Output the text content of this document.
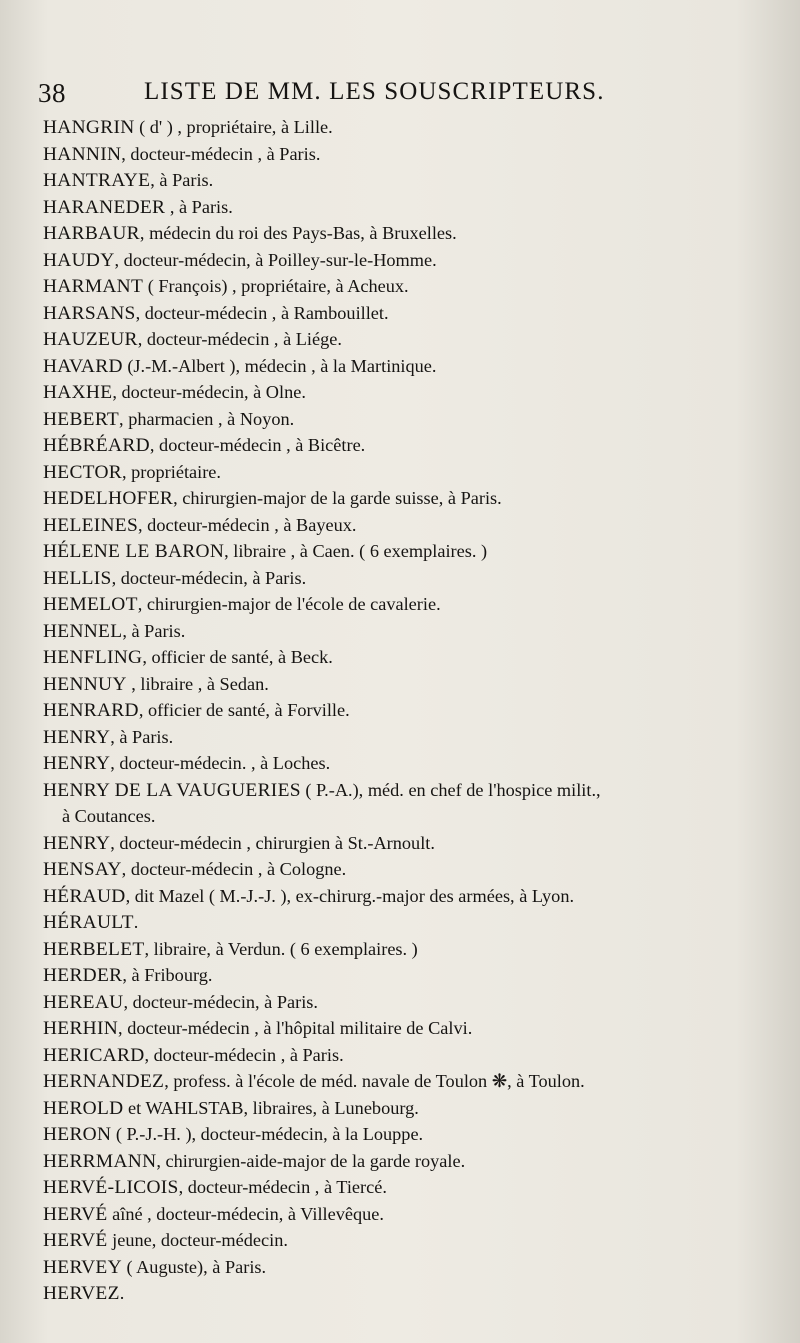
38	LISTE DE MM. LES SOUSCRIPTEURS.
HANGRIN ( d' ) , propriétaire, à Lille.
HANNIN, docteur-médecin , à Paris.
HANTRAYE, à Paris.
HARANEDER , à Paris.
HARBAUR, médecin du roi des Pays-Bas, à Bruxelles.
HAUDY, docteur-médecin, à Poilley-sur-le-Homme.
HARMANT ( François) , propriétaire, à Acheux.
HARSANS, docteur-médecin , à Rambouillet.
HAUZEUR, docteur-médecin , à Liége.
HAVARD (J.-M.-Albert ), médecin , à la Martinique.
HAXHE, docteur-médecin, à Olne.
HEBERT, pharmacien , à Noyon.
HÉBRÉARD, docteur-médecin , à Bicêtre.
HECTOR, propriétaire.
HEDELHOFER, chirurgien-major de la garde suisse, à Paris.
HELEINES, docteur-médecin , à Bayeux.
HÉLENE LE BARON, libraire , à Caen. ( 6 exemplaires. )
HELLIS, docteur-médecin, à Paris.
HEMELOT, chirurgien-major de l'école de cavalerie.
HENNEL, à Paris.
HENFLING, officier de santé, à Beck.
HENNUY , libraire , à Sedan.
HENRARD, officier de santé, à Forville.
HENRY, à Paris.
HENRY, docteur-médecin. , à Loches.
HENRY DE LA VAUGUERIES ( P.-A.), méd. en chef de l'hospice milit.,
à Coutances.
HENRY, docteur-médecin , chirurgien à St.-Arnoult.
HENSAY, docteur-médecin , à Cologne.
HÉRAUD, dit Mazel ( M.-J.-J. ), ex-chirurg.-major des armées, à Lyon.
HÉRAULT.
HERBELET, libraire, à Verdun. ( 6 exemplaires. )
HERDER, à Fribourg.
HEREAU, docteur-médecin, à Paris.
HERHIN, docteur-médecin , à l'hôpital militaire de Calvi.
HERICARD, docteur-médecin , à Paris.
HERNANDEZ, profess. à l'école de méd. navale de Toulon ❋, à Toulon.
HEROLD et WAHLSTAB, libraires, à Lunebourg.
HERON ( P.-J.-H. ), docteur-médecin, à la Louppe.
HERRMANN, chirurgien-aide-major de la garde royale.
HERVÉ-LICOIS, docteur-médecin , à Tiercé.
HERVÉ aîné , docteur-médecin, à Villevêque.
HERVÉ jeune, docteur-médecin.
HERVEY ( Auguste), à Paris.
HERVEZ.
